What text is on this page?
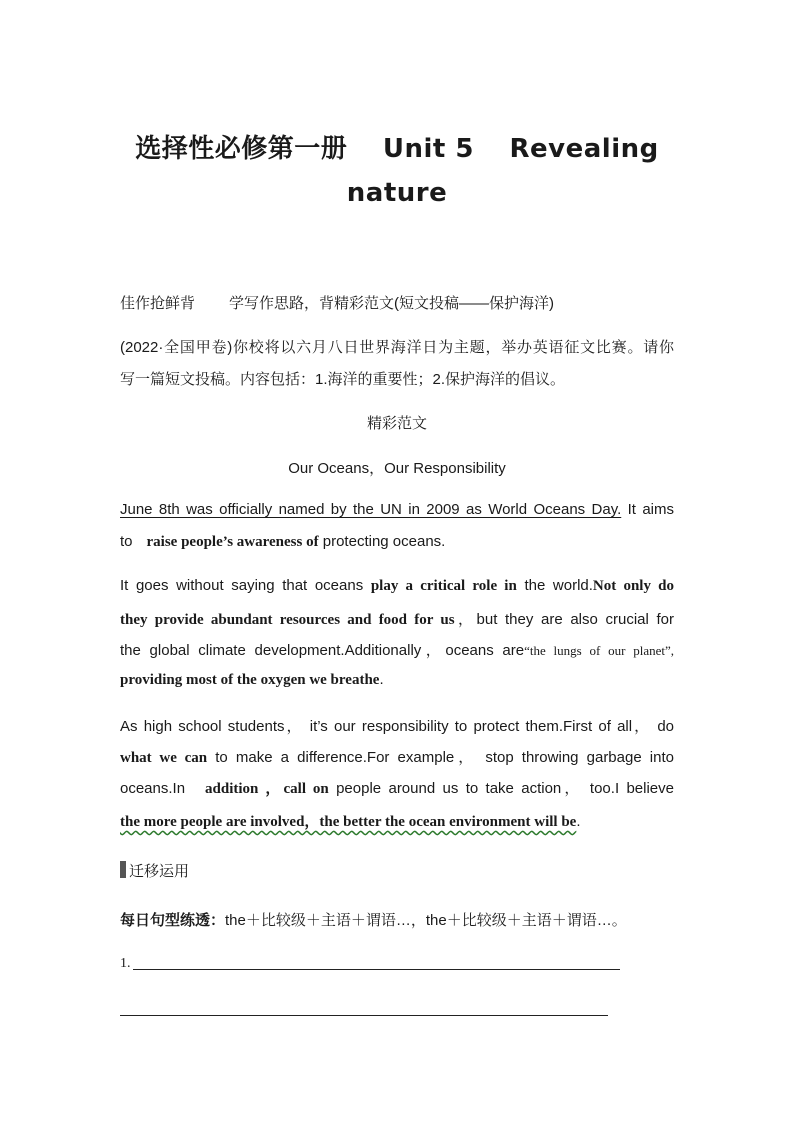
选择性必修第一册 Unit 5 Revealing
nature
佳作抢鲜背 学写作思路，背精彩范文(短文投稿——保护海洋)
(2022·全国甲卷)你校将以六月八日世界海洋日为主题，举办英语征文比赛。请你
写一篇短文投稿。内容包括：1.海洋的重要性；2.保护海洋的倡议。
精彩范文
Our Oceans，Our Responsibility
June 8th was officially named by the UN in 2009 as World Oceans Day. It aims
to raise people’s awareness of protecting oceans.
It goes without saying that oceans play a critical role in the world.Not only do
they provide abundant resources and food for us，but they are also crucial for
the global climate development.Additionally，oceans are“the lungs of our planet”,
providing most of the oxygen we breathe.
As high school students， it’s our responsibility to protect them.First of all， do
what we can to make a difference.For example， stop throwing garbage into
oceans.In addition ，call on people around us to take action， too.I believe
the more people are involved，the better the ocean environment will be.
迁移运用
每日句型练透：the＋比较级＋主语＋谓语…，the＋比较级＋主语＋谓语…。
1.
